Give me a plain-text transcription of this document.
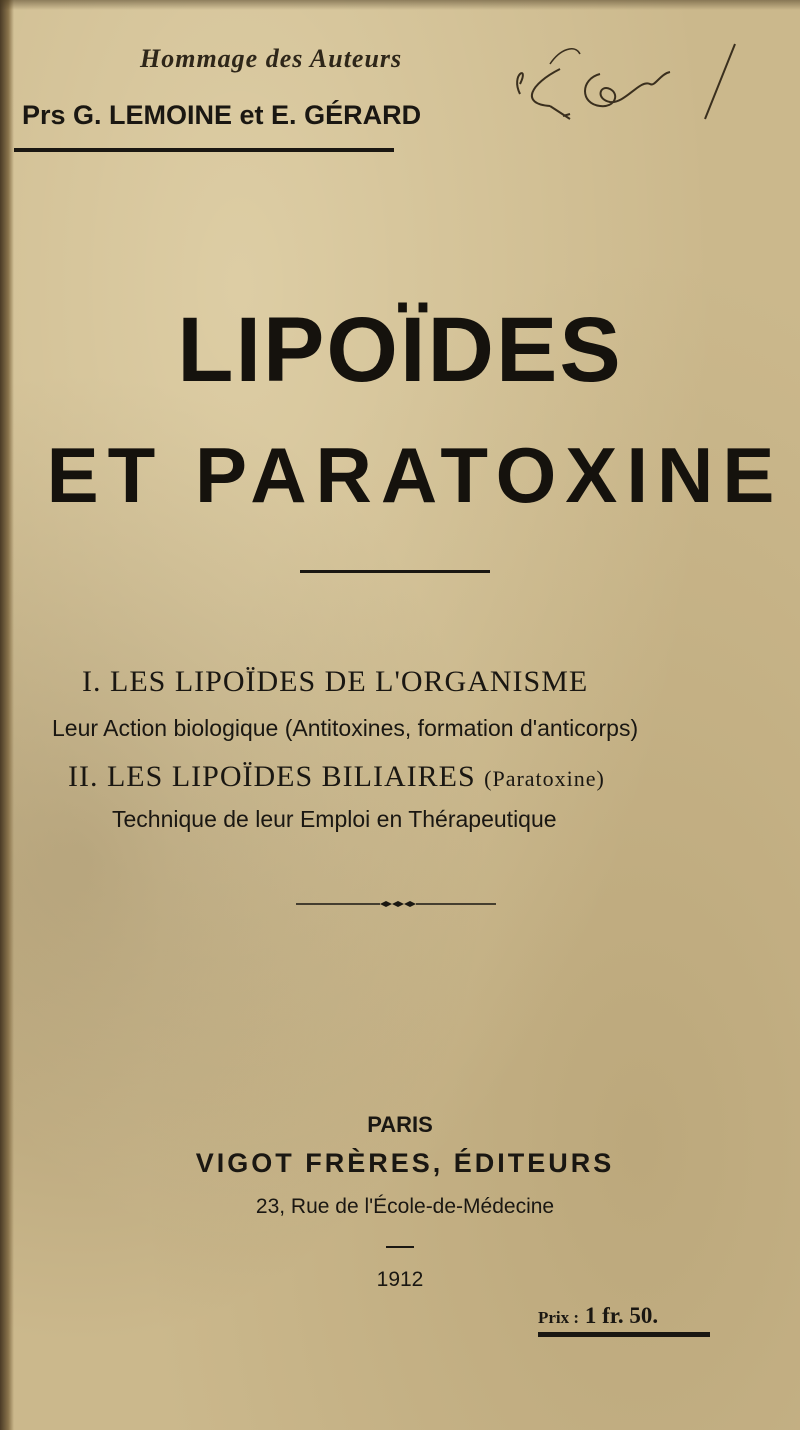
Hommage des Auteurs
Prs G. LEMOINE et E. GÉRARD
LIPOÏDES
ET PARATOXINE
I. LES LIPOÏDES DE L'ORGANISME
Leur Action biologique (Antitoxines, formation d'anticorps)
II. LES LIPOÏDES BILIAIRES (Paratoxine)
Technique de leur Emploi en Thérapeutique
PARIS
VIGOT FRÈRES, ÉDITEURS
23, Rue de l'École-de-Médecine
1912
Prix : 1 fr. 50.
